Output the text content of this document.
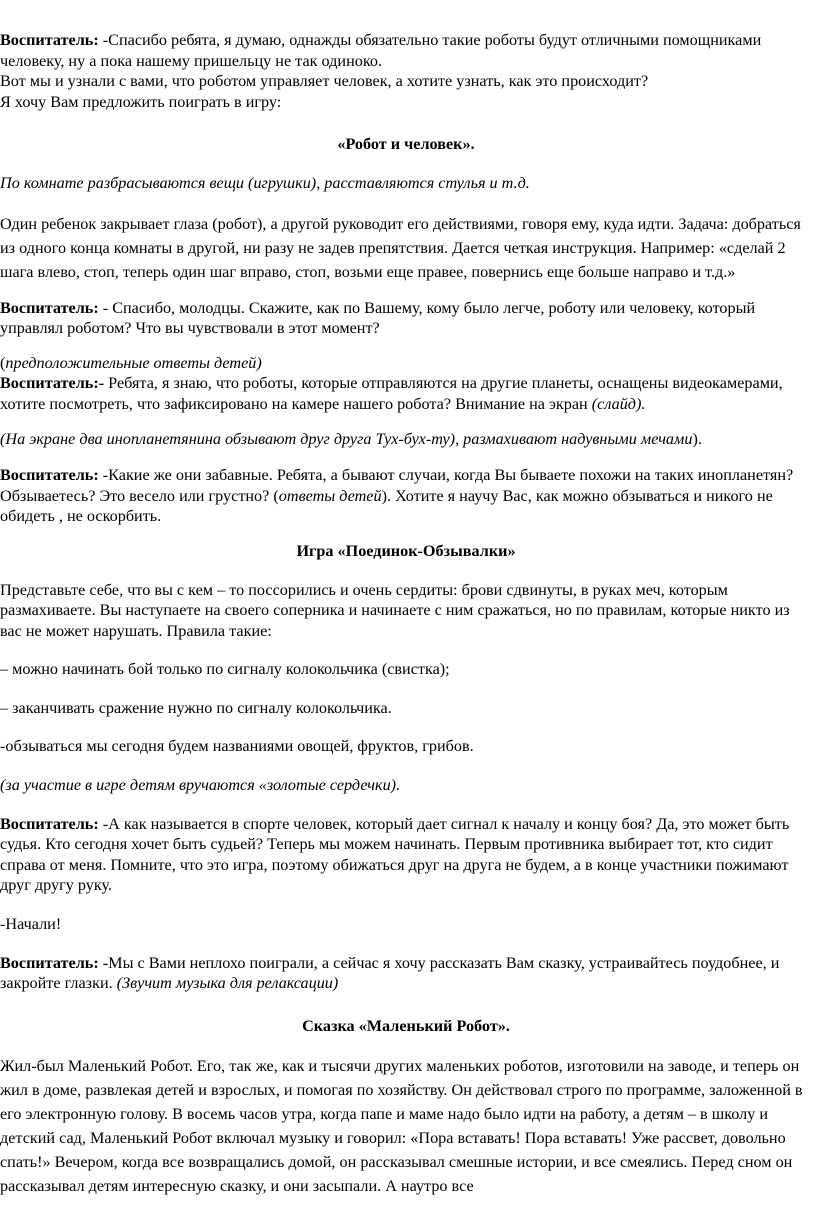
Воспитатель: -Спасибо ребята, я думаю, однажды обязательно такие роботы будут отличными помощниками человеку, ну а пока нашему пришельцу не так одиноко.

Вот мы и узнали с вами, что роботом управляет человек, а хотите узнать, как это происходит?

Я хочу Вам предложить поиграть в игру:

«Робот и человек».

По комнате разбрасываются вещи (игрушки), расставляются стулья и т.д.

Один ребенок закрывает глаза (робот), а другой руководит его действиями, говоря ему, куда идти. Задача: добраться из одного конца комнаты в другой, ни разу не задев препятствия. Дается четкая инструкция. Например: «сделай 2 шага влево, стоп, теперь один шаг вправо, стоп, возьми еще правее, повернись еще больше направо и т.д.»

Воспитатель: - Спасибо, молодцы. Скажите, как по Вашему, кому было легче, роботу или человеку, который управлял роботом? Что вы чувствовали в этот момент?

(предположительные ответы детей)

Воспитатель:- Ребята, я знаю, что роботы, которые отправляются на другие планеты, оснащены видеокамерами, хотите посмотреть, что зафиксировано на камере нашего робота? Внимание на экран (слайд).

(На экране два инопланетянина обзывают друг друга Тух-бух-ту), размахивают надувными мечами).

Воспитатель: -Какие же они забавные. Ребята, а бывают случаи, когда Вы бываете похожи на таких инопланетян? Обзываетесь? Это весело или грустно? (ответы детей). Хотите я научу Вас, как можно обзываться и никого не обидеть , не оскорбить.

Игра «Поединок-Обзывалки»

Представьте себе, что вы с кем – то поссорились и очень сердиты: брови сдвинуты, в руках меч, которым размахиваете. Вы наступаете на своего соперника и начинаете с ним сражаться, но по правилам, которые никто из вас не может нарушать. Правила такие:

– можно начинать бой только по сигналу колокольчика (свистка);

– заканчивать сражение нужно по сигналу колокольчика.

-обзываться мы сегодня будем названиями овощей, фруктов, грибов.

(за участие в игре детям вручаются «золотые сердечки).

Воспитатель: -А как называется в спорте человек, который дает сигнал к началу и концу боя? Да, это может быть судья. Кто сегодня хочет быть судьей? Теперь мы можем начинать. Первым противника выбирает тот, кто сидит справа от меня. Помните, что это игра, поэтому обижаться друг на друга не будем, а в конце участники пожимают друг другу руку.

-Начали!

Воспитатель: -Мы с Вами неплохо поиграли, а сейчас я хочу рассказать Вам сказку, устраивайтесь поудобнее, и закройте глазки. (Звучит музыка для релаксации)

Сказка «Маленький Робот».

Жил-был Маленький Робот. Его, так же, как и тысячи других маленьких роботов, изготовили на заводе, и теперь он жил в доме, развлекая детей и взрослых, и помогая по хозяйству. Он действовал строго по программе, заложенной в его электронную голову. В восемь часов утра, когда папе и маме надо было идти на работу, а детям – в школу и детский сад, Маленький Робот включал музыку и говорил: «Пора вставать! Пора вставать! Уже рассвет, довольно спать!» Вечером, когда все возвращались домой, он рассказывал смешные истории, и все смеялись. Перед сном он рассказывал детям интересную сказку, и они засыпали. А наутро все
